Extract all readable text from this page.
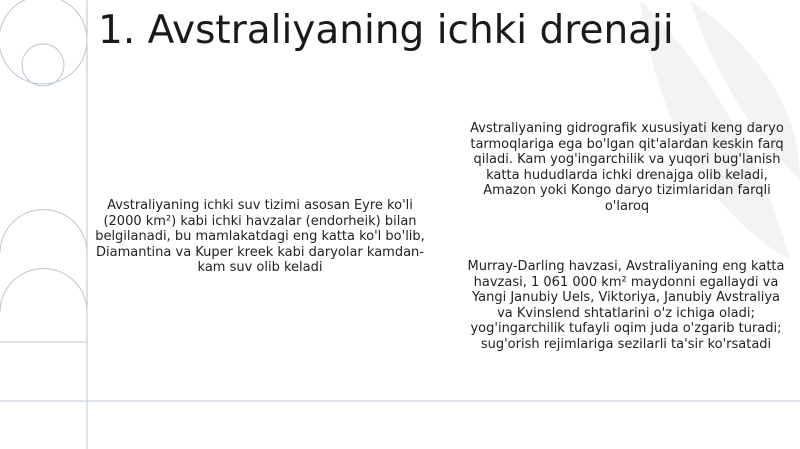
1. Avstraliyaning ichki drenaji

Avstraliyaning ichki suv tizimi asosan Eyre ko'li (2000 km²) kabi ichki havzalar (endorheik) bilan belgilanadi, bu mamlakatdagi eng katta ko'l bo'lib, Diamantina va Kuper kreek kabi daryolar kamdan-kam suv olib keladi

Avstraliyaning gidrografik xususiyati keng daryo tarmoqlariga ega bo'lgan qit'alardan keskin farq qiladi. Kam yog'ingarchilik va yuqori bug'lanish katta hududlarda ichki drenajga olib keladi, Amazon yoki Kongo daryo tizimlaridan farqli o'laroq

Murray-Darling havzasi, Avstraliyaning eng katta havzasi, 1 061 000 km² maydonni egallaydi va Yangi Janubiy Uels, Viktoriya, Janubiy Avstraliya va Kvinslend shtatlarini o'z ichiga oladi; yog'ingarchilik tufayli oqim juda o'zgarib turadi; sug'orish rejimlariga sezilarli ta'sir ko'rsatadi
